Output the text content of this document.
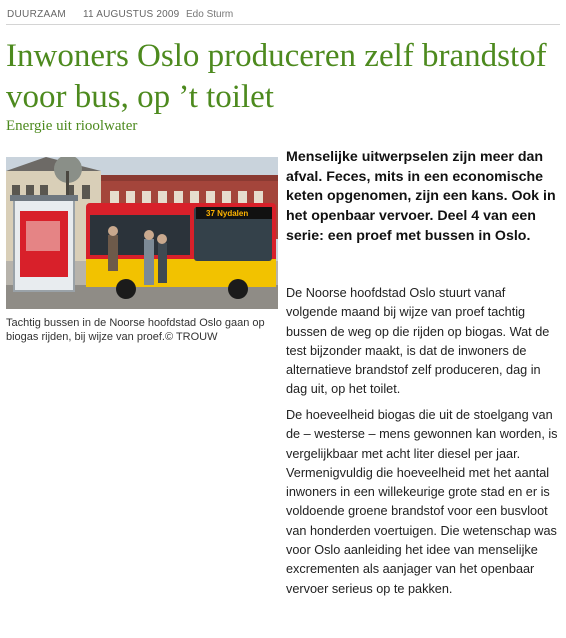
DUURZAAM 11 AUGUSTUS 2009 Edo Sturm
Inwoners Oslo produceren zelf brandstof voor bus, op ’t toilet
Energie uit rioolwater
37 Nydalen
Tachtig bussen in de Noorse hoofdstad Oslo gaan op biogas rijden, bij wijze van proef.© TROUW

Menselijke uitwerpselen zijn meer dan afval. Feces, mits in een economische keten opgenomen, zijn een kans. Ook in het openbaar vervoer. Deel 4 van een serie: een proef met bussen in Oslo.

De Noorse hoofdstad Oslo stuurt vanaf volgende maand bij wijze van proef tachtig bussen de weg op die rijden op biogas. Wat de test bijzonder maakt, is dat de inwoners de alternatieve brandstof zelf produceren, dag in dag uit, op het toilet.

De hoeveelheid biogas die uit de stoelgang van de – westerse – mens gewonnen kan worden, is vergelijkbaar met acht liter diesel per jaar. Vermenigvuldig die hoeveelheid met het aantal inwoners in een willekeurige grote stad en er is voldoende groene brandstof voor een busvloot van honderden voertuigen. Die wetenschap was voor Oslo aanleiding het idee van menselijke excrementen als aanjager van het openbaar vervoer serieus op te pakken.
